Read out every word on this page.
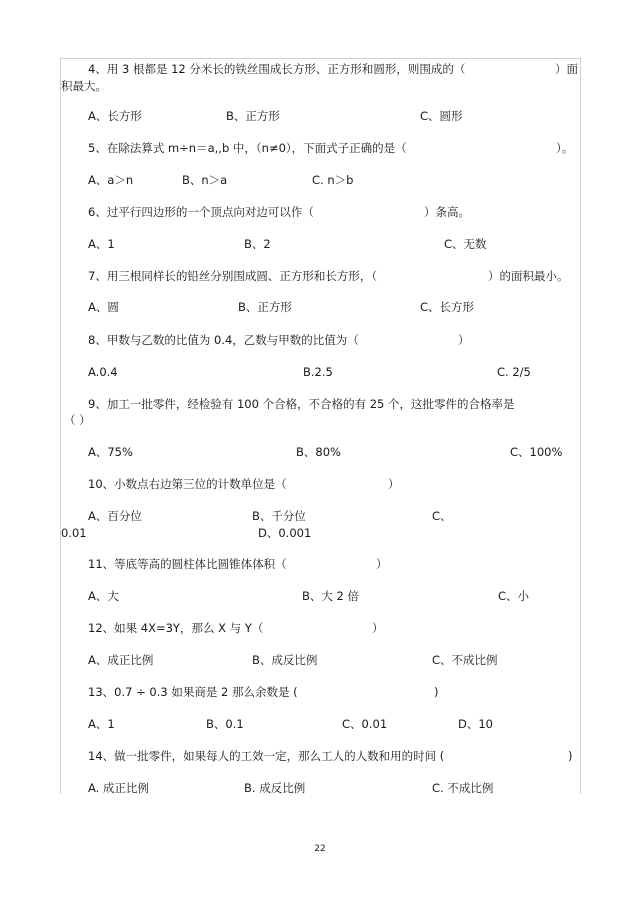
4、用 3 根都是 12 分米长的铁丝围成长方形、正方形和圆形，则围成的（	）面
积最大。
A、长方形	B、正方形	C、圆形
5、在除法算式 m÷n＝a,,b 中，（n≠0），下面式子正确的是（	）。
A、a＞n	B、n＞a	C. n＞b
6、过平行四边形的一个顶点向对边可以作（	）条高。
A、1	B、2	C、无数
7、用三根同样长的铅丝分别围成圆、正方形和长方形，（	）的面积最小。
A、圆	B、正方形	C、长方形
8、甲数与乙数的比值为 0.4，乙数与甲数的比值为（	）
A.0.4	B.2.5	C. 2/5
9、加工一批零件，经检验有 100 个合格，不合格的有 25 个，这批零件的合格率是
（ ）
A、75%	B、80%	C、100%
10、小数点右边第三位的计数单位是（	）
A、百分位	B、千分位	C、
0.01	D、0.001
11、等底等高的圆柱体比圆锥体体积（	）
A、大	B、大 2 倍	C、小
12、如果 4X=3Y，那么 X 与 Y（	）
A、成正比例	B、成反比例	C、不成比例
13、0.7 ÷ 0.3 如果商是 2 那么余数是 (	)
A、1	B、0.1	C、0.01	D、10
14、做一批零件，如果每人的工效一定，那么工人的人数和用的时间 (	)
A. 成正比例	B. 成反比例	C. 不成比例
22
